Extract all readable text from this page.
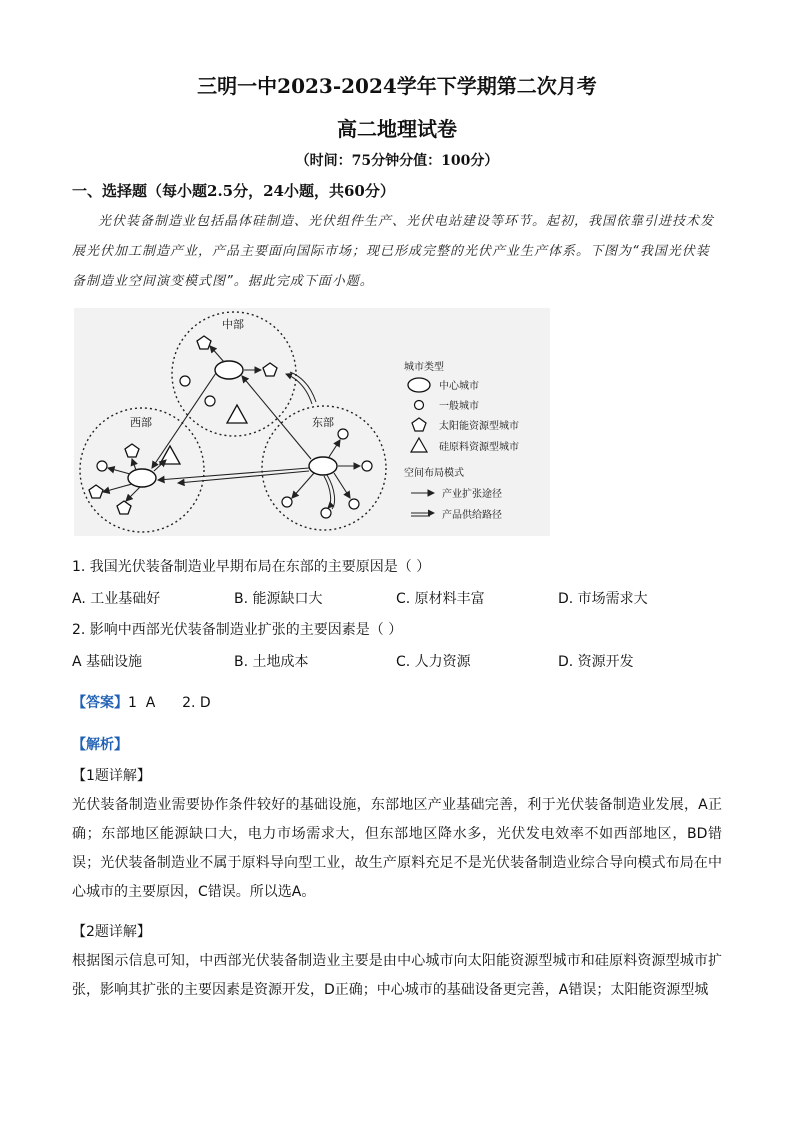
三明一中2023-2024学年下学期第二次月考
高二地理试卷
（时间：75分钟分值：100分）
一、选择题（每小题2.5分，24小题，共60分）
光伏装备制造业包括晶体硅制造、光伏组件生产、光伏电站建设等环节。起初，我国依靠引进技术发展光伏加工制造产业，产品主要面向国际市场；现已形成完整的光伏产业生产体系。下图为“我国光伏装备制造业空间演变模式图”。据此完成下面小题。
中部
西部	东部
城市类型
中心城市
一般城市
太阳能资源型城市
硅原料资源型城市
空间布局模式
产业扩张途径
产品供给路径
1. 我国光伏装备制造业早期布局在东部的主要原因是（ ）
A. 工业基础好	B. 能源缺口大	C. 原材料丰富	D. 市场需求大
2. 影响中西部光伏装备制造业扩张的主要因素是（ ）
A 基础设施	B. 土地成本	C. 人力资源	D. 资源开发
【答案】1  A      2. D
【解析】
【1题详解】
光伏装备制造业需要协作条件较好的基础设施，东部地区产业基础完善，利于光伏装备制造业发展，A正确；东部地区能源缺口大，电力市场需求大，但东部地区降水多，光伏发电效率不如西部地区，BD错误；光伏装备制造业不属于原料导向型工业，故生产原料充足不是光伏装备制造业综合导向模式布局在中心城市的主要原因，C错误。所以选A。
【2题详解】
根据图示信息可知，中西部光伏装备制造业主要是由中心城市向太阳能资源型城市和硅原料资源型城市扩张，影响其扩张的主要因素是资源开发，D正确；中心城市的基础设备更完善，A错误；太阳能资源型城
